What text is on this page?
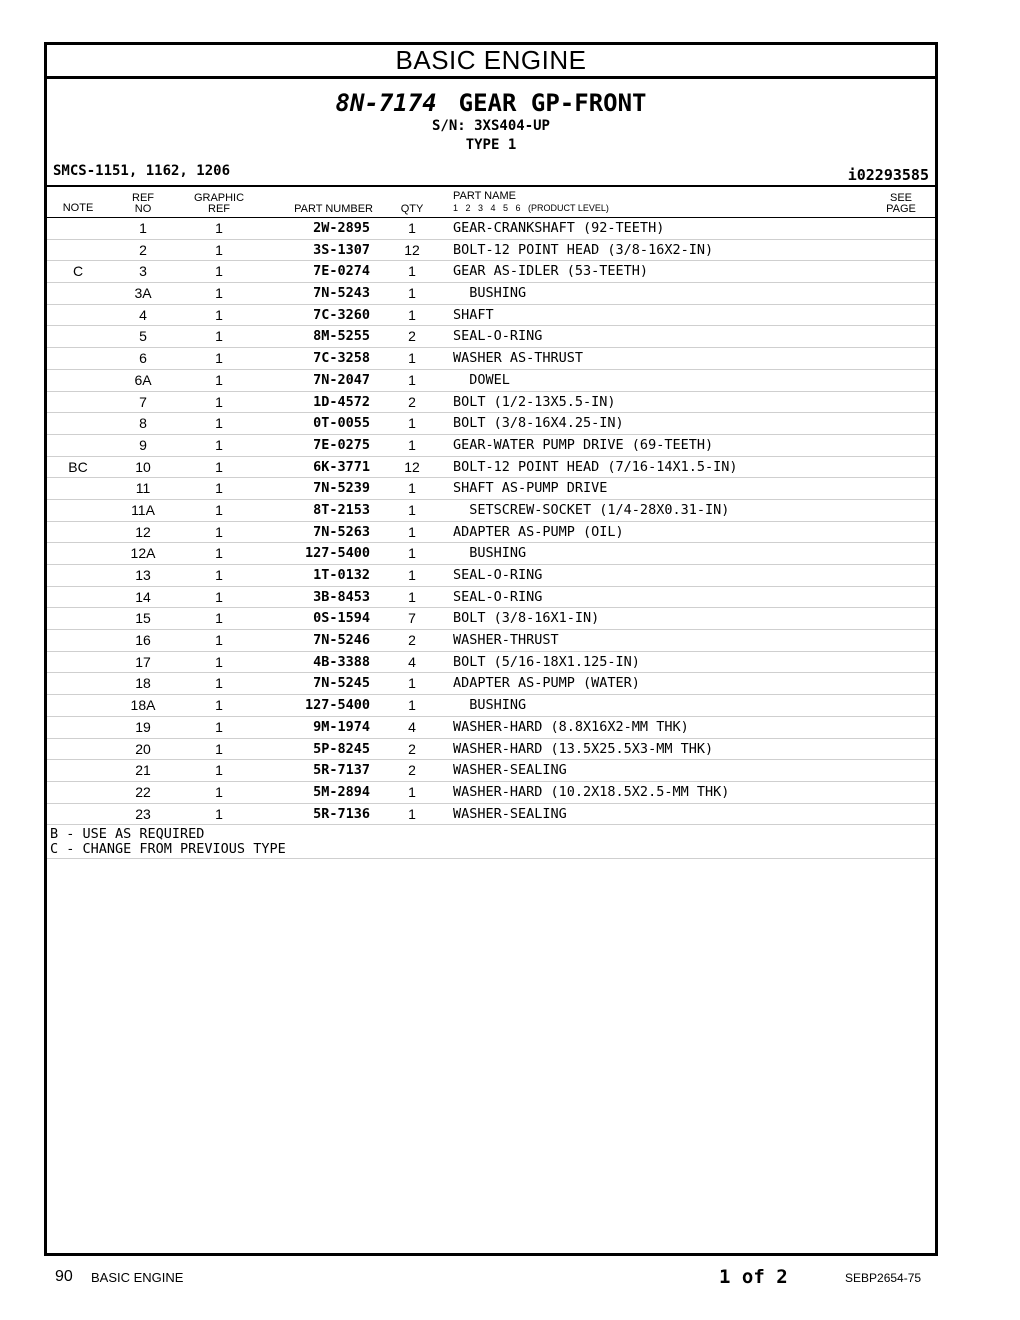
BASIC ENGINE
8N-7174 GEAR GP-FRONT
S/N: 3XS404-UP
TYPE 1
SMCS-1151, 1162, 1206	i02293585
NOTE
REF
NO
GRAPHIC
REF	PART NUMBER	QTY
PART NAME
1   2   3   4   5   6   (PRODUCT LEVEL)
SEE
PAGE
1	1	2W-2895	1	GEAR-CRANKSHAFT (92-TEETH)
2	1	3S-1307	12	BOLT-12 POINT HEAD (3/8-16X2-IN)
C	3	1	7E-0274	1	GEAR AS-IDLER (53-TEETH)
3A	1	7N-5243	1	BUSHING
4	1	7C-3260	1	SHAFT
5	1	8M-5255	2	SEAL-O-RING
6	1	7C-3258	1	WASHER AS-THRUST
6A	1	7N-2047	1	DOWEL
7	1	1D-4572	2	BOLT (1/2-13X5.5-IN)
8	1	0T-0055	1	BOLT (3/8-16X4.25-IN)
9	1	7E-0275	1	GEAR-WATER PUMP DRIVE (69-TEETH)
BC	10	1	6K-3771	12	BOLT-12 POINT HEAD (7/16-14X1.5-IN)
11	1	7N-5239	1	SHAFT AS-PUMP DRIVE
11A	1	8T-2153	1	SETSCREW-SOCKET (1/4-28X0.31-IN)
12	1	7N-5263	1	ADAPTER AS-PUMP (OIL)
12A	1	127-5400	1	BUSHING
13	1	1T-0132	1	SEAL-O-RING
14	1	3B-8453	1	SEAL-O-RING
15	1	0S-1594	7	BOLT (3/8-16X1-IN)
16	1	7N-5246	2	WASHER-THRUST
17	1	4B-3388	4	BOLT (5/16-18X1.125-IN)
18	1	7N-5245	1	ADAPTER AS-PUMP (WATER)
18A	1	127-5400	1	BUSHING
19	1	9M-1974	4	WASHER-HARD (8.8X16X2-MM THK)
20	1	5P-8245	2	WASHER-HARD (13.5X25.5X3-MM THK)
21	1	5R-7137	2	WASHER-SEALING
22	1	5M-2894	1	WASHER-HARD (10.2X18.5X2.5-MM THK)
23	1	5R-7136	1	WASHER-SEALING
B - USE AS REQUIRED
C - CHANGE FROM PREVIOUS TYPE
90 BASIC ENGINE	1 of 2	SEBP2654-75
